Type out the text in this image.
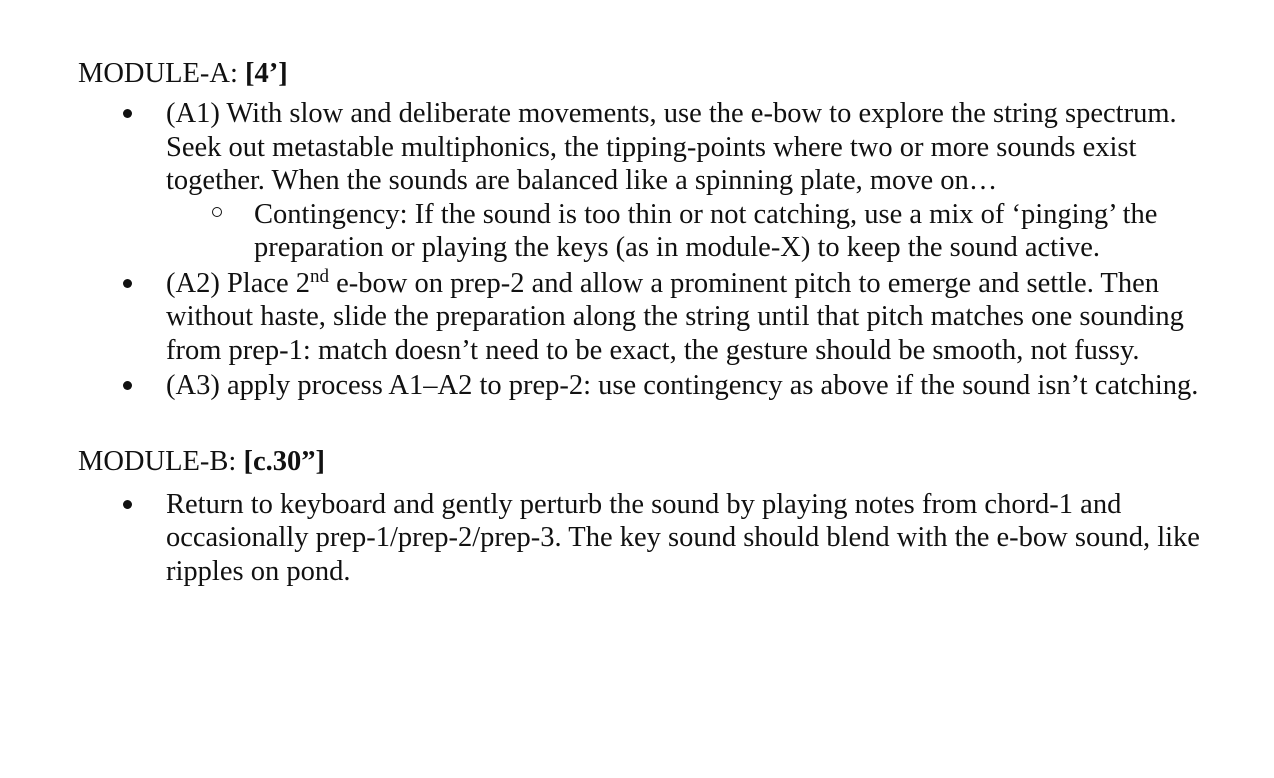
MODULE-A: [4’]

(A1) With slow and deliberate movements, use the e-bow to explore the string spectrum. Seek out metastable multiphonics, the tipping-points where two or more sounds exist together. When the sounds are balanced like a spinning plate, move on…
Contingency: If the sound is too thin or not catching, use a mix of ‘pinging’ the preparation or playing the keys (as in module-X) to keep the sound active.
(A2) Place 2nd e-bow on prep-2 and allow a prominent pitch to emerge and settle. Then without haste, slide the preparation along the string until that pitch matches one sounding from prep-1: match doesn’t need to be exact, the gesture should be smooth, not fussy.
(A3) apply process A1–A2 to prep-2: use contingency as above if the sound isn’t catching.

MODULE-B: [c.30”]

Return to keyboard and gently perturb the sound by playing notes from chord-1 and occasionally prep-1/prep-2/prep-3. The key sound should blend with the e-bow sound, like ripples on pond.
